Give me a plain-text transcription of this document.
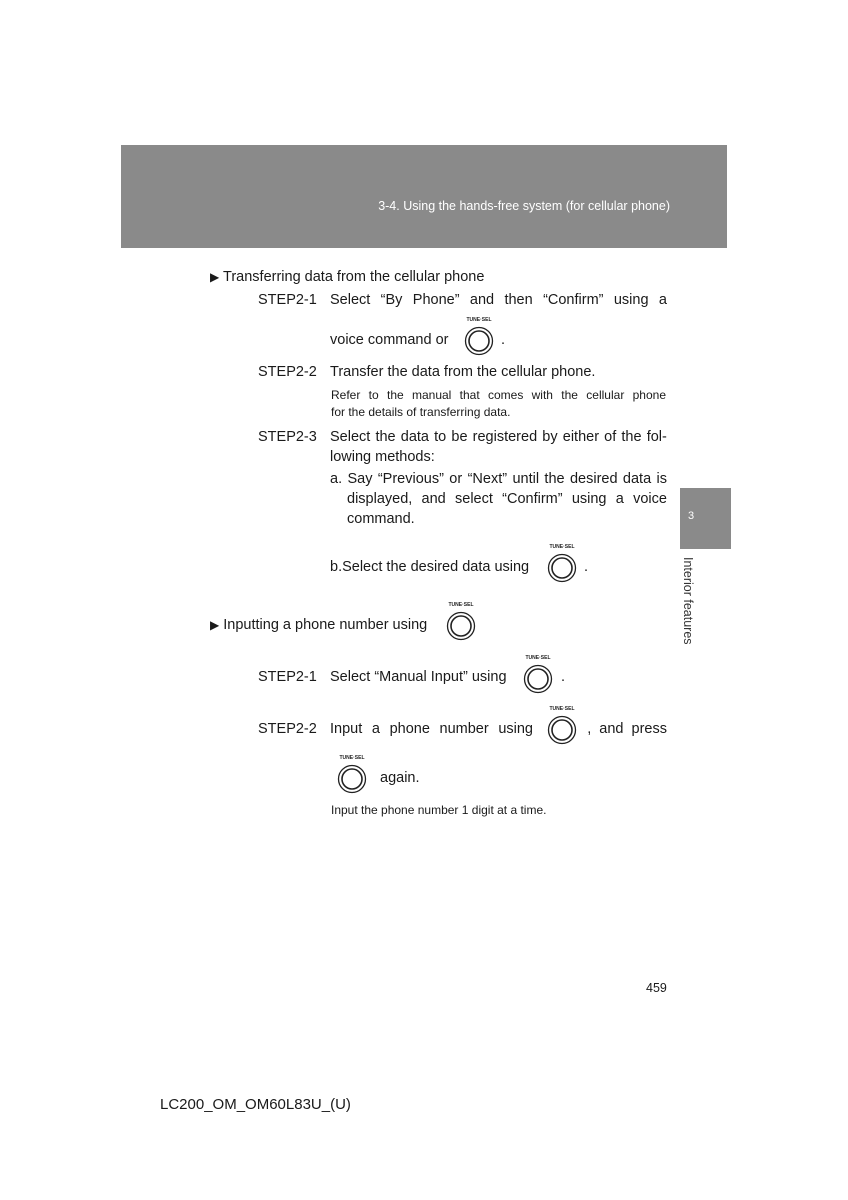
3-4. Using the hands-free system (for cellular phone)
3
Interior features
▶ Transferring data from the cellular phone
STEP2-1 Select “By Phone” and then “Confirm” using a
voice command or
TUNE·SEL
.
STEP2-2 Transfer the data from the cellular phone.
Refer to the manual that comes with the cellular phone
for the details of transferring data.
STEP2-3 Select the data to be registered by either of the fol-
lowing methods:
a. Say “Previous” or “Next” until the desired data is
displayed, and select “Confirm” using a voice
command.
b.Select the desired data using
TUNE·SEL
.
▶ Inputting a phone number using
TUNE·SEL
STEP2-1 Select “Manual Input” using
TUNE·SEL
.
STEP2-2 Input a phone number using
TUNE·SEL
,  and  press
TUNE·SEL
again.
Input the phone number 1 digit at a time.
459
LC200_OM_OM60L83U_(U)
